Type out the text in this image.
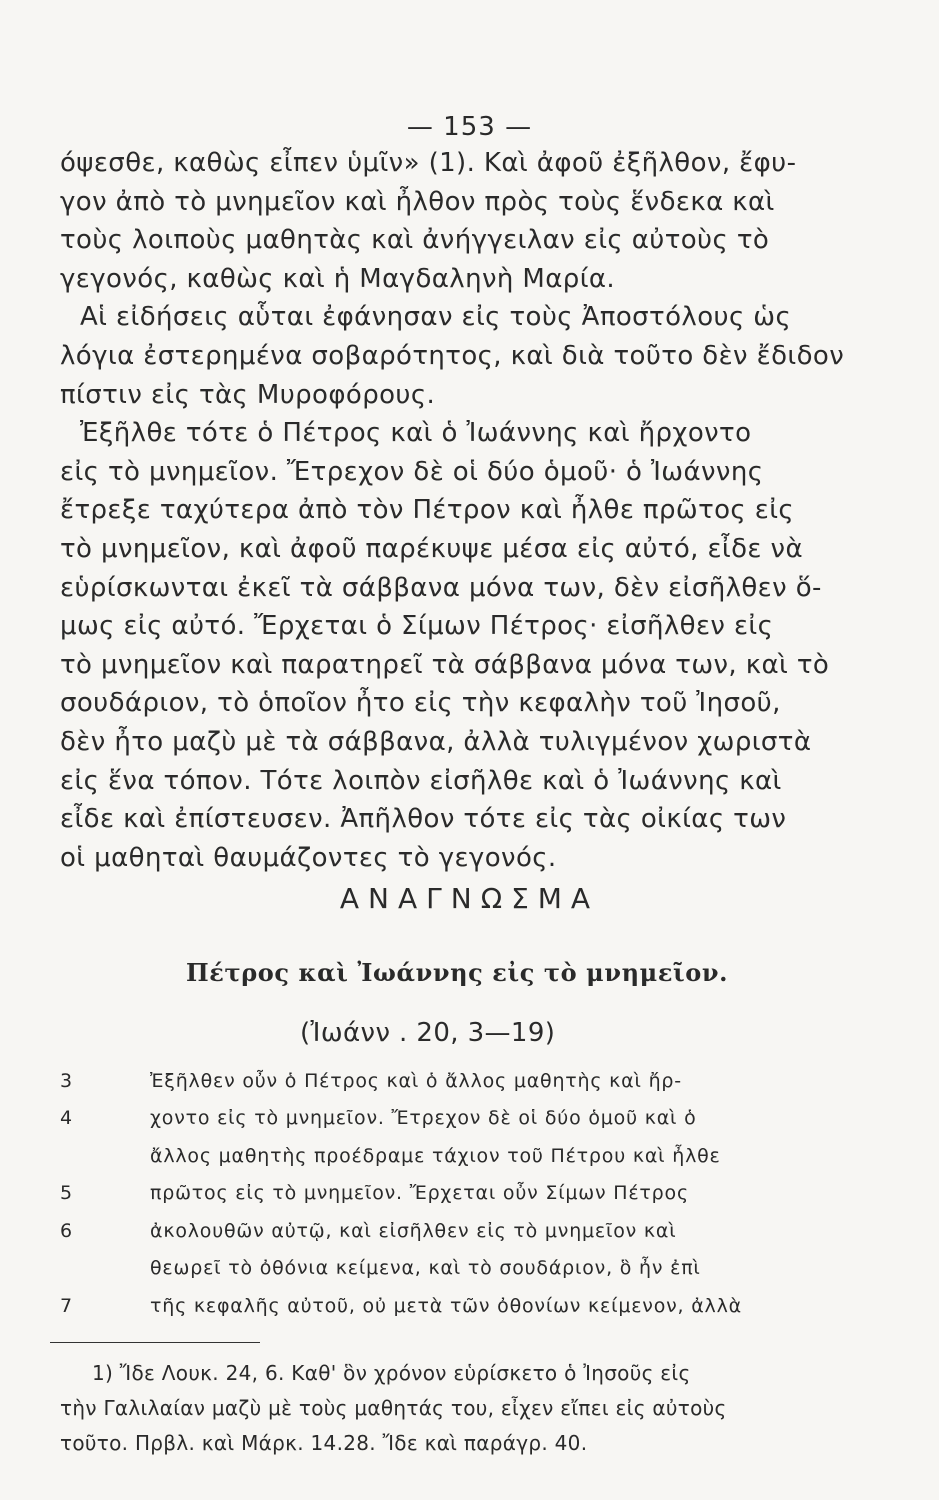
— 153 —
όψεσθε, καθὼς εἶπεν ὑμῖν» (1). Καὶ ἀφοῦ ἐξῆλθον, ἔφυ-
γον ἀπὸ τὸ μνημεῖον καὶ ἦλθον πρὸς τοὺς ἕνδεκα καὶ
τοὺς λοιποὺς μαθητὰς καὶ ἀνήγγειλαν εἰς αὐτοὺς τὸ
γεγονός, καθὼς καὶ ἡ Μαγδαληνὴ Μαρία.
Αἱ εἰδήσεις αὗται ἐφάνησαν εἰς τοὺς Ἀποστόλους ὡς
λόγια ἐστερημένα σοβαρότητος, καὶ διὰ τοῦτο δὲν ἔδιδον
πίστιν εἰς τὰς Μυροφόρους.
Ἐξῆλθε τότε ὁ Πέτρος καὶ ὁ Ἰωάννης καὶ ἤρχοντο
εἰς τὸ μνημεῖον. Ἔτρεχον δὲ οἱ δύο ὁμοῦ· ὁ Ἰωάννης
ἔτρεξε ταχύτερα ἀπὸ τὸν Πέτρον καὶ ἦλθε πρῶτος εἰς
τὸ μνημεῖον, καὶ ἀφοῦ παρέκυψε μέσα εἰς αὐτό, εἶδε νὰ
εὑρίσκωνται ἐκεῖ τὰ σάββανα μόνα των, δὲν εἰσῆλθεν ὅ-
μως εἰς αὐτό. Ἔρχεται ὁ Σίμων Πέτρος· εἰσῆλθεν εἰς
τὸ μνημεῖον καὶ παρατηρεῖ τὰ σάββανα μόνα των, καὶ τὸ
σουδάριον, τὸ ὁποῖον ἦτο εἰς τὴν κεφαλὴν τοῦ Ἰησοῦ,
δὲν ἦτο μαζὺ μὲ τὰ σάββανα, ἀλλὰ τυλιγμένον χωριστὰ
εἰς ἕνα τόπον. Τότε λοιπὸν εἰσῆλθε καὶ ὁ Ἰωάννης καὶ
εἶδε καὶ ἐπίστευσεν. Ἀπῆλθον τότε εἰς τὰς οἰκίας των
οἱ μαθηταὶ θαυμάζοντες τὸ γεγονός.
ΑΝΑΓΝΩΣΜΑ
Πέτρος καὶ Ἰωάννης εἰς τὸ μνημεῖον.
(Ἰωάνν . 20, 3—19)
3	Ἐξῆλθεν οὖν ὁ Πέτρος καὶ ὁ ἄλλος μαθητὴς καὶ ἤρ-
4	χοντο εἰς τὸ μνημεῖον. Ἔτρεχον δὲ οἱ δύο ὁμοῦ καὶ ὁ
ἄλλος μαθητὴς προέδραμε τάχιον τοῦ Πέτρου καὶ ἦλθε
5	πρῶτος εἰς τὸ μνημεῖον. Ἔρχεται οὖν Σίμων Πέτρος
6	ἀκολουθῶν αὐτῷ, καὶ εἰσῆλθεν εἰς τὸ μνημεῖον καὶ
θεωρεῖ τὸ ὀθόνια κείμενα, καὶ τὸ σουδάριον, ὃ ἦν ἐπὶ
7	τῆς κεφαλῆς αὐτοῦ, οὐ μετὰ τῶν ὀθονίων κείμενον, ἀλλὰ
1) Ἴδε Λουκ. 24, 6. Καθ' ὃν χρόνον εὑρίσκετο ὁ Ἰησοῦς εἰς
τὴν Γαλιλαίαν μαζὺ μὲ τοὺς μαθητάς του, εἶχεν εἴπει εἰς αὐτοὺς
τοῦτο. Πρβλ. καὶ Μάρκ. 14.28. Ἴδε καὶ παράγρ. 40.
